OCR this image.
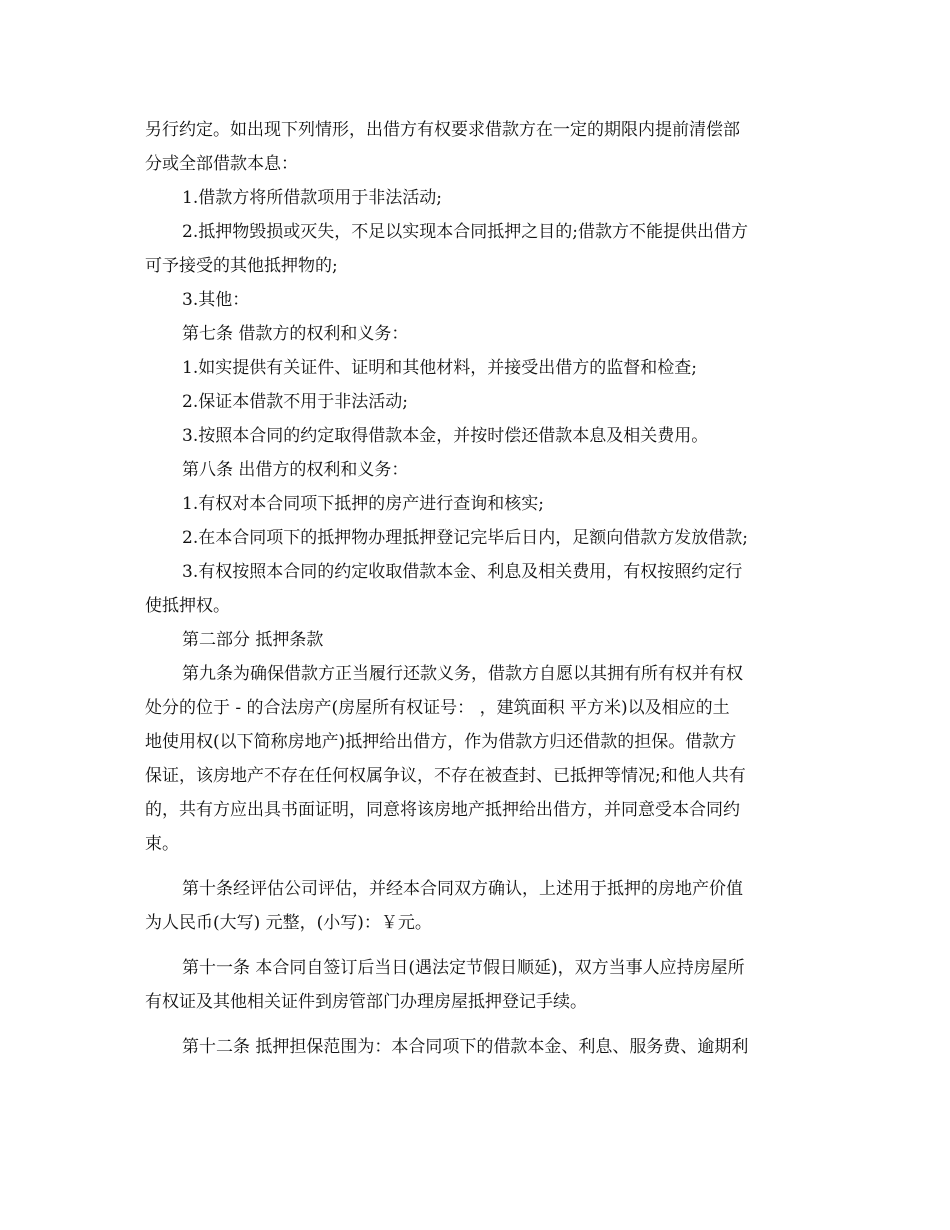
另行约定。如出现下列情形，出借方有权要求借款方在一定的期限内提前清偿部
分或全部借款本息：
1.借款方将所借款项用于非法活动;
2.抵押物毁损或灭失，不足以实现本合同抵押之目的;借款方不能提供出借方
可予接受的其他抵押物的;
3.其他：
第七条 借款方的权利和义务：
1.如实提供有关证件、证明和其他材料，并接受出借方的监督和检查;
2.保证本借款不用于非法活动;
3.按照本合同的约定取得借款本金，并按时偿还借款本息及相关费用。
第八条 出借方的权利和义务：
1.有权对本合同项下抵押的房产进行查询和核实;
2.在本合同项下的抵押物办理抵押登记完毕后日内，足额向借款方发放借款;
3.有权按照本合同的约定收取借款本金、利息及相关费用，有权按照约定行
使抵押权。
第二部分 抵押条款
第九条为确保借款方正当履行还款义务，借款方自愿以其拥有所有权并有权
处分的位于 - 的合法房产(房屋所有权证号： ，建筑面积 平方米)以及相应的土
地使用权(以下简称房地产)抵押给出借方，作为借款方归还借款的担保。借款方
保证，该房地产不存在任何权属争议，不存在被查封、已抵押等情况;和他人共有
的，共有方应出具书面证明，同意将该房地产抵押给出借方，并同意受本合同约
束。
第十条经评估公司评估，并经本合同双方确认，上述用于抵押的房地产价值
为人民币(大写) 元整，(小写)：￥元。
第十一条 本合同自签订后当日(遇法定节假日顺延)，双方当事人应持房屋所
有权证及其他相关证件到房管部门办理房屋抵押登记手续。
第十二条 抵押担保范围为：本合同项下的借款本金、利息、服务费、逾期利
